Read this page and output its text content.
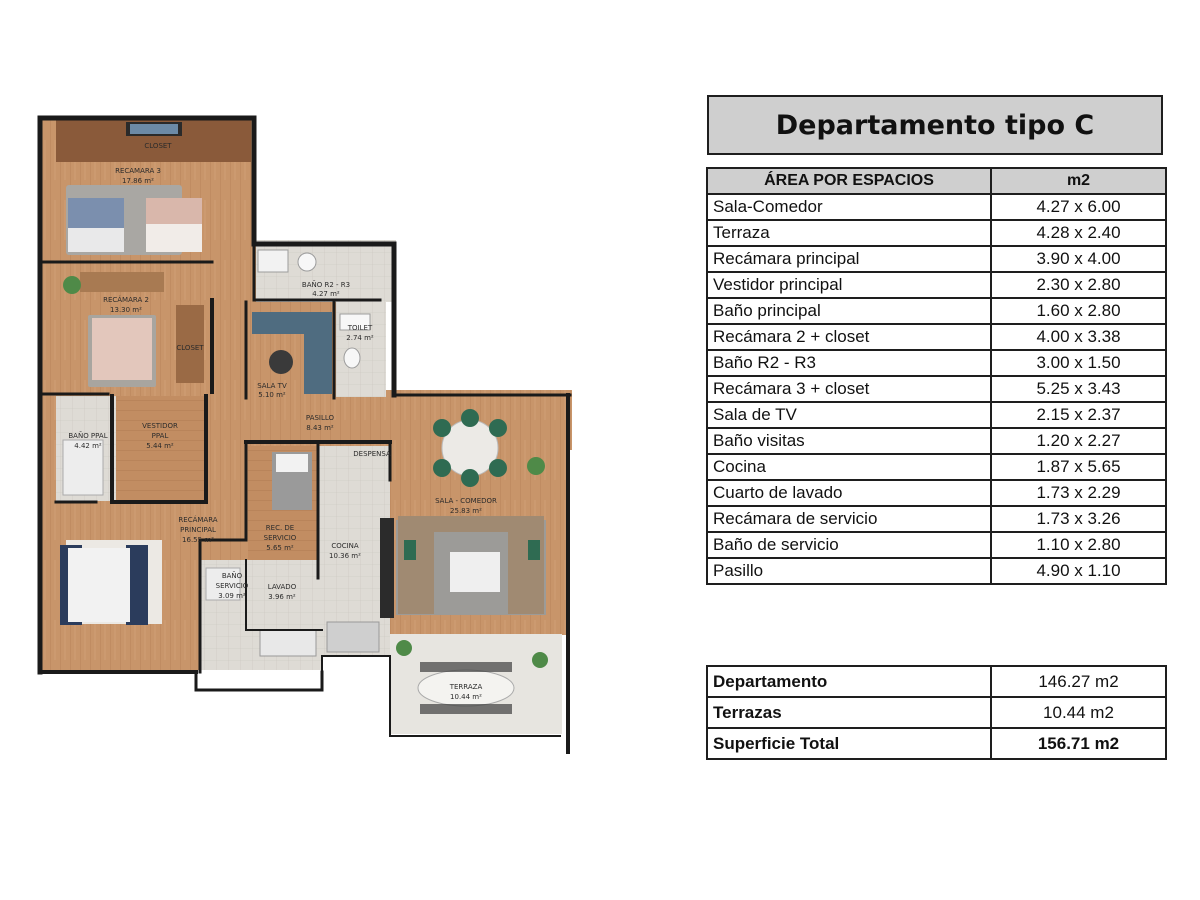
CLOSET
RECAMARA 3
17.86 m²
BAÑO R2 - R3
4.27 m²
RECÁMARA 2
13.30 m²
CLOSET
TOILET
2.74 m²
SALA TV
5.10 m²
PASILLO
8.43 m²
BAÑO PPAL
4.42 m²
VESTIDOR
PPAL
5.44 m²
DESPENSA
SALA - COMEDOR
25.83 m²
RECÁMARA
PRINCIPAL
16.55 m²
REC. DE
SERVICIO
5.65 m²	COCINA
10.36 m²
BAÑO
SERVICIO
3.09 m²
LAVADO
3.96 m²
TERRAZA
10.44 m²
Departamento tipo C
ÁREA POR ESPACIOS	m2
Sala-Comedor	4.27 x 6.00
Terraza	4.28 x 2.40
Recámara principal	3.90 x 4.00
Vestidor principal	2.30 x 2.80
Baño principal	1.60 x 2.80
Recámara 2 + closet	4.00 x 3.38
Baño R2 - R3	3.00 x 1.50
Recámara 3 + closet	5.25 x 3.43
Sala de TV	2.15 x 2.37
Baño visitas	1.20 x 2.27
Cocina	1.87 x 5.65
Cuarto de lavado	1.73 x 2.29
Recámara de servicio	1.73 x 3.26
Baño de servicio	1.10 x 2.80
Pasillo	4.90 x 1.10
Departamento	146.27 m2
Terrazas	10.44 m2
Superficie Total	156.71 m2
